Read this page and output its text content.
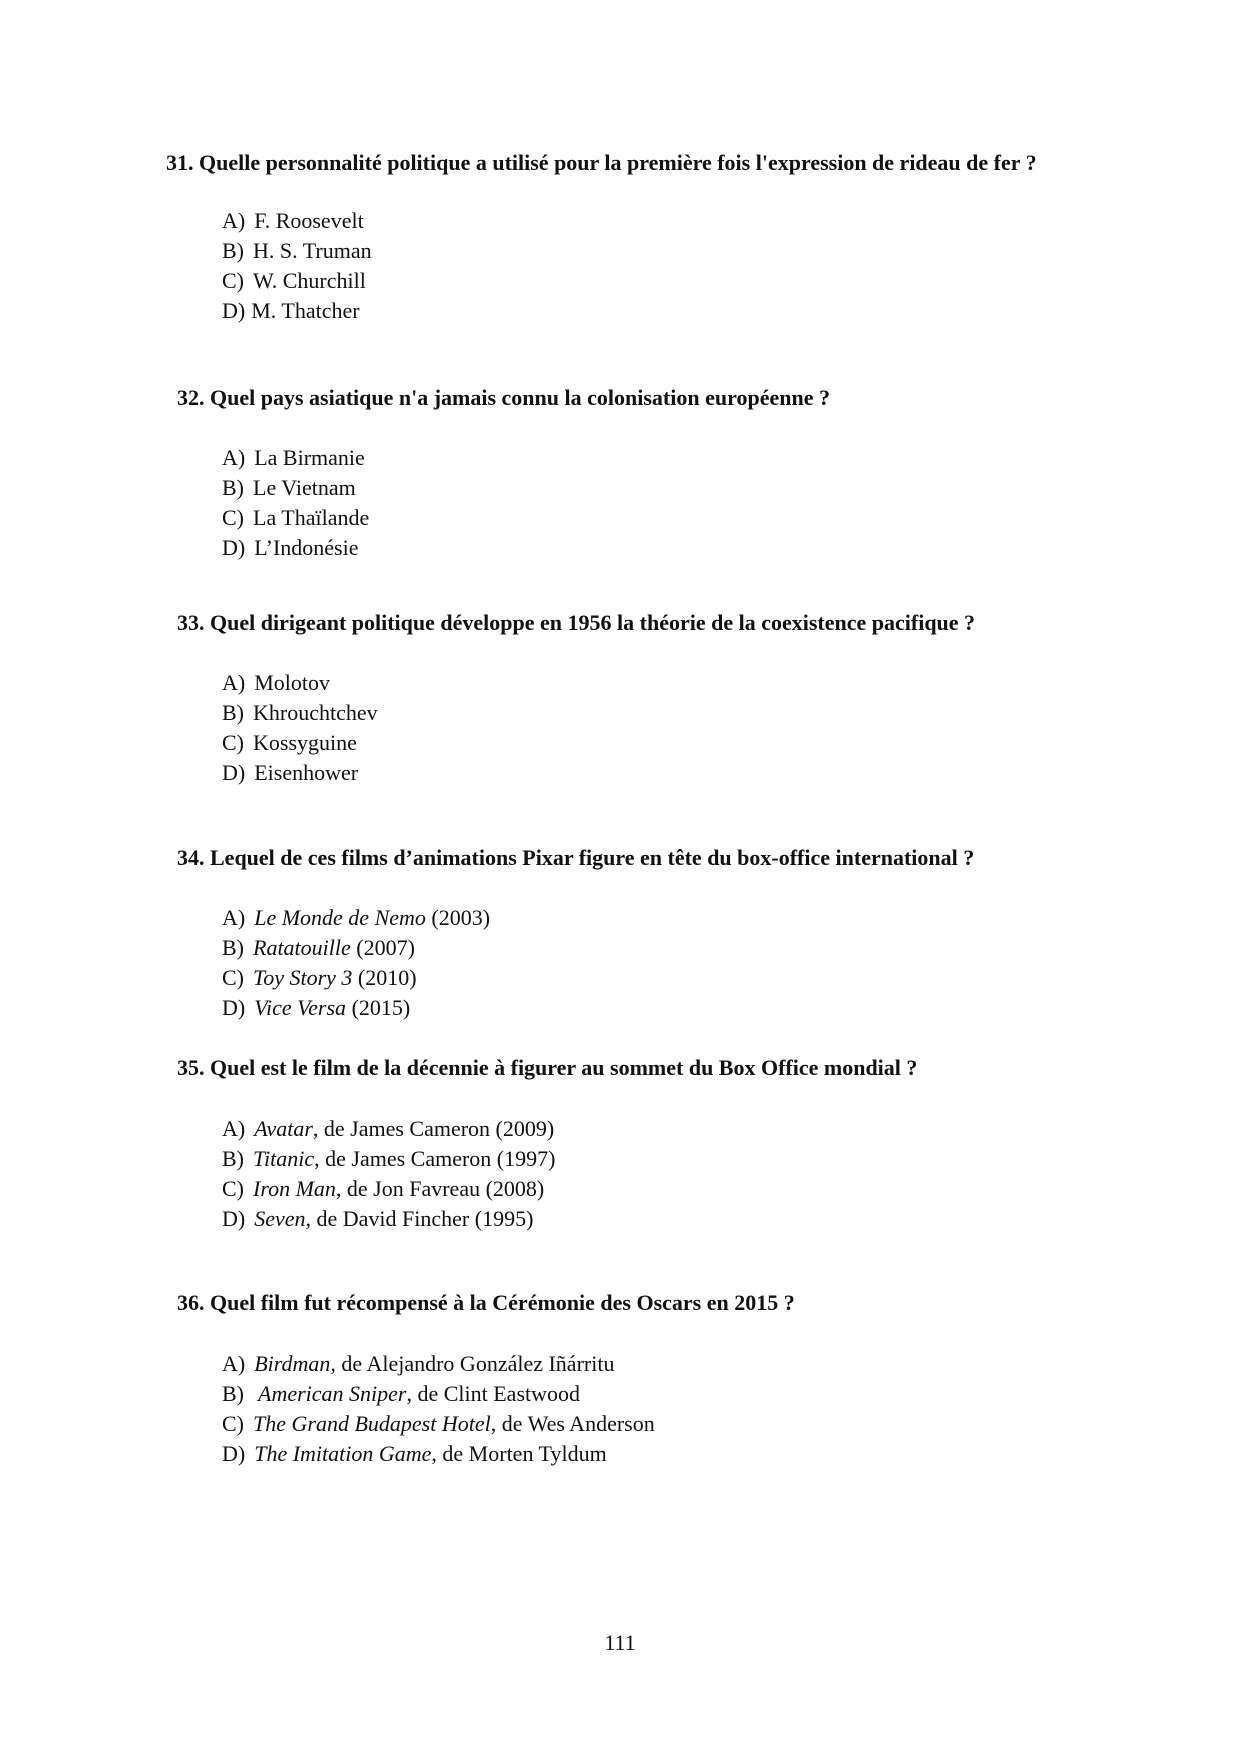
31. Quelle personnalité politique a utilisé pour la première fois l'expression de rideau de fer ?
A) F. Roosevelt
B) H. S. Truman
C) W. Churchill
D) M. Thatcher
32. Quel pays asiatique n'a jamais connu la colonisation européenne ?
A) La Birmanie
B) Le Vietnam
C) La Thaïlande
D) L’Indonésie
33. Quel dirigeant politique développe en 1956 la théorie de la coexistence pacifique ?
A) Molotov
B) Khrouchtchev
C) Kossyguine
D) Eisenhower
34. Lequel de ces films d’animations Pixar figure en tête du box-office international ?
A) Le Monde de Nemo (2003)
B) Ratatouille (2007)
C) Toy Story 3 (2010)
D) Vice Versa (2015)
35. Quel est le film de la décennie à figurer au sommet du Box Office mondial ?
A) Avatar, de James Cameron (2009)
B) Titanic, de James Cameron (1997)
C) Iron Man, de Jon Favreau (2008)
D) Seven, de David Fincher (1995)
36. Quel film fut récompensé à la Cérémonie des Oscars en 2015 ?
A) Birdman, de Alejandro González Iñárritu
B) American Sniper, de Clint Eastwood
C) The Grand Budapest Hotel, de Wes Anderson
D) The Imitation Game, de Morten Tyldum
111
